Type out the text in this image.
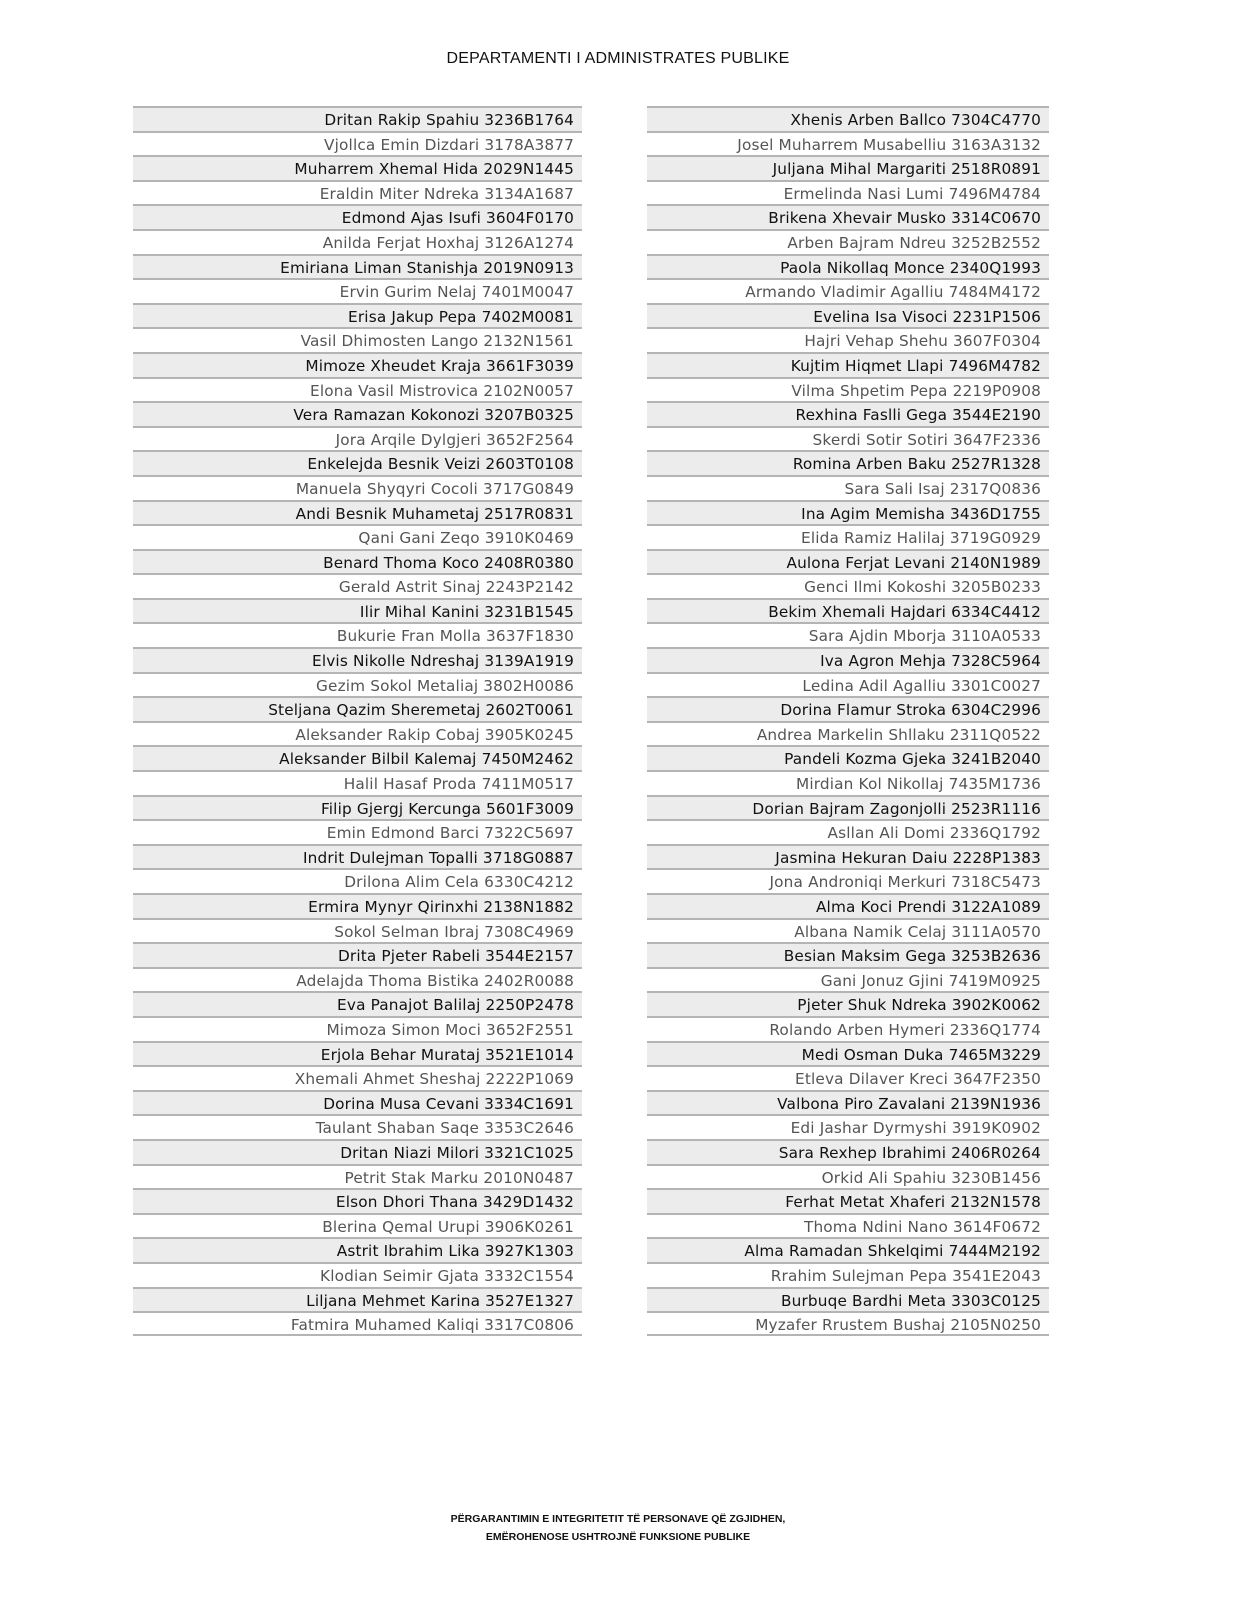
DEPARTAMENTI I ADMINISTRATES PUBLIKE
Dritan Rakip Spahiu 3236B1764
Vjollca Emin Dizdari 3178A3877
Muharrem Xhemal Hida 2029N1445
Eraldin Miter Ndreka 3134A1687
Edmond Ajas Isufi 3604F0170
Anilda Ferjat Hoxhaj 3126A1274
Emiriana Liman Stanishja 2019N0913
Ervin Gurim Nelaj 7401M0047
Erisa Jakup Pepa 7402M0081
Vasil Dhimosten Lango 2132N1561
Mimoze Xheudet Kraja 3661F3039
Elona Vasil Mistrovica 2102N0057
Vera Ramazan Kokonozi 3207B0325
Jora Arqile Dylgjeri 3652F2564
Enkelejda Besnik Veizi 2603T0108
Manuela Shyqyri Cocoli 3717G0849
Andi Besnik Muhametaj 2517R0831
Qani Gani Zeqo 3910K0469
Benard Thoma Koco 2408R0380
Gerald Astrit Sinaj 2243P2142
Ilir Mihal Kanini 3231B1545
Bukurie Fran Molla 3637F1830
Elvis Nikolle Ndreshaj 3139A1919
Gezim Sokol Metaliaj 3802H0086
Steljana Qazim Sheremetaj 2602T0061
Aleksander Rakip Cobaj 3905K0245
Aleksander Bilbil Kalemaj 7450M2462
Halil Hasaf Proda 7411M0517
Filip Gjergj Kercunga 5601F3009
Emin Edmond Barci 7322C5697
Indrit Dulejman Topalli 3718G0887
Drilona Alim Cela 6330C4212
Ermira Mynyr Qirinxhi 2138N1882
Sokol Selman Ibraj 7308C4969
Drita Pjeter Rabeli 3544E2157
Adelajda Thoma Bistika 2402R0088
Eva Panajot Balilaj 2250P2478
Mimoza Simon Moci 3652F2551
Erjola Behar Murataj 3521E1014
Xhemali Ahmet Sheshaj 2222P1069
Dorina Musa Cevani 3334C1691
Taulant Shaban Saqe 3353C2646
Dritan Niazi Milori 3321C1025
Petrit Stak Marku 2010N0487
Elson Dhori Thana 3429D1432
Blerina Qemal Urupi 3906K0261
Astrit Ibrahim Lika 3927K1303
Klodian Seimir Gjata 3332C1554
Liljana Mehmet Karina 3527E1327
Fatmira Muhamed Kaliqi 3317C0806
Xhenis Arben Ballco 7304C4770
Josel Muharrem Musabelliu 3163A3132
Juljana Mihal Margariti 2518R0891
Ermelinda Nasi Lumi 7496M4784
Brikena Xhevair Musko 3314C0670
Arben Bajram Ndreu 3252B2552
Paola Nikollaq Monce 2340Q1993
Armando Vladimir Agalliu 7484M4172
Evelina Isa Visoci 2231P1506
Hajri Vehap Shehu 3607F0304
Kujtim Hiqmet Llapi 7496M4782
Vilma Shpetim Pepa 2219P0908
Rexhina Faslli Gega 3544E2190
Skerdi Sotir Sotiri 3647F2336
Romina Arben Baku 2527R1328
Sara Sali Isaj 2317Q0836
Ina Agim Memisha 3436D1755
Elida Ramiz Halilaj 3719G0929
Aulona Ferjat Levani 2140N1989
Genci Ilmi Kokoshi 3205B0233
Bekim Xhemali Hajdari 6334C4412
Sara Ajdin Mborja 3110A0533
Iva Agron Mehja 7328C5964
Ledina Adil Agalliu 3301C0027
Dorina Flamur Stroka 6304C2996
Andrea Markelin Shllaku 2311Q0522
Pandeli Kozma Gjeka 3241B2040
Mirdian Kol Nikollaj 7435M1736
Dorian Bajram Zagonjolli 2523R1116
Asllan Ali Domi 2336Q1792
Jasmina Hekuran Daiu 2228P1383
Jona Androniqi Merkuri 7318C5473
Alma Koci Prendi 3122A1089
Albana Namik Celaj 3111A0570
Besian Maksim Gega 3253B2636
Gani Jonuz Gjini 7419M0925
Pjeter Shuk Ndreka 3902K0062
Rolando Arben Hymeri 2336Q1774
Medi Osman Duka 7465M3229
Etleva Dilaver Kreci 3647F2350
Valbona Piro Zavalani 2139N1936
Edi Jashar Dyrmyshi 3919K0902
Sara Rexhep Ibrahimi 2406R0264
Orkid Ali Spahiu 3230B1456
Ferhat Metat Xhaferi 2132N1578
Thoma Ndini Nano 3614F0672
Alma Ramadan Shkelqimi 7444M2192
Rrahim Sulejman Pepa 3541E2043
Burbuqe Bardhi Meta 3303C0125
Myzafer Rrustem Bushaj 2105N0250
PËRGARANTIMIN E INTEGRITETIT TË PERSONAVE QË ZGJIDHEN,
EMËROHENOSE USHTROJNË FUNKSIONE PUBLIKE
